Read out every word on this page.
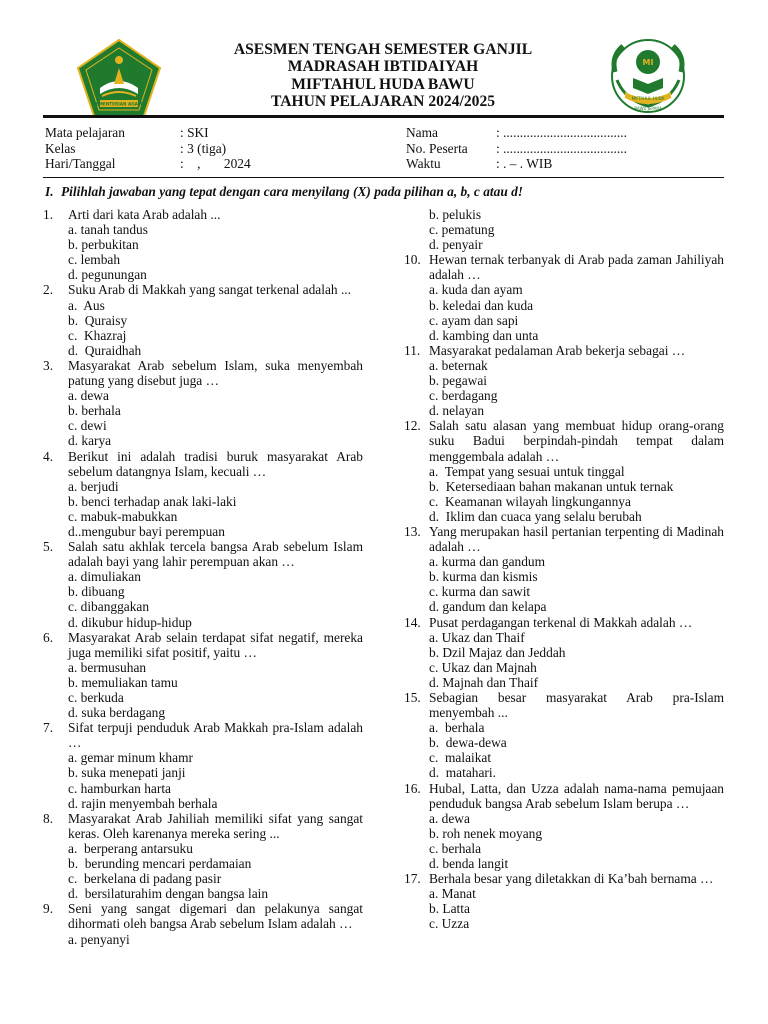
KEMENTERIAN AGAMA
ASESMEN TENGAH SEMESTER GANJIL
MADRASAH IBTIDAIYAH
MIFTAHUL HUDA BAWU
TAHUN PELAJARAN 2024/2025
MI
MIFTAHUL HUDA
BAWU JEPARA
Mata pelajaran	: SKI
Kelas	: 3 (tiga)
Hari/Tanggal	:    ,       2024
Nama	: .....................................
No. Peserta : .....................................
Waktu	: . – . WIB
I. Pilihlah jawaban yang tepat dengan cara menyilang (X) pada pilihan a, b, c atau d!
1. Arti dari kata Arab adalah ...
a. tanah tandus
b. perbukitan
c. lembah
d. pegunungan
2. Suku Arab di Makkah yang sangat terkenal adalah ...
a.  Aus
b.  Quraisy
c.  Khazraj
d.  Quraidhah
3. Masyarakat Arab sebelum Islam, suka menyembah patung yang disebut juga …
a. dewa
b. berhala
c. dewi
d. karya
4. Berikut ini adalah tradisi buruk masyarakat Arab sebelum datangnya Islam, kecuali …
a. berjudi
b. benci terhadap anak laki-laki
c. mabuk-mabukkan
d..mengubur bayi perempuan
5. Salah satu akhlak tercela bangsa Arab sebelum Islam adalah bayi yang lahir perempuan akan …
a. dimuliakan
b. dibuang
c. dibanggakan
d. dikubur hidup-hidup
6. Masyarakat Arab selain terdapat sifat negatif, mereka juga memiliki sifat positif, yaitu …
a. bermusuhan
b. memuliakan tamu
c. berkuda
d. suka berdagang
7. Sifat terpuji penduduk Arab Makkah pra-Islam adalah …
a. gemar minum khamr
b. suka menepati janji
c. hamburkan harta
d. rajin menyembah berhala
8. Masyarakat Arab Jahiliah memiliki sifat yang sangat keras. Oleh karenanya mereka sering ...
a.  berperang antarsuku
b.  berunding mencari perdamaian
c.  berkelana di padang pasir
d.  bersilaturahim dengan bangsa lain
9. Seni yang sangat digemari dan pelakunya sangat dihormati oleh bangsa Arab sebelum Islam adalah …
a. penyanyi
b. pelukis
c. pematung
d. penyair
10. Hewan ternak terbanyak di Arab pada zaman Jahiliyah adalah …
a. kuda dan ayam
b. keledai dan kuda
c. ayam dan sapi
d. kambing dan unta
11. Masyarakat pedalaman Arab bekerja sebagai …
a. beternak
b. pegawai
c. berdagang
d. nelayan
12. Salah satu alasan yang membuat hidup orang-orang suku Badui berpindah-pindah tempat dalam menggembala adalah …
a.  Tempat yang sesuai untuk tinggal
b.  Ketersediaan bahan makanan untuk ternak
c.  Keamanan wilayah lingkungannya
d.  Iklim dan cuaca yang selalu berubah
13. Yang merupakan hasil pertanian terpenting di Madinah adalah …
a. kurma dan gandum
b. kurma dan kismis
c. kurma dan sawit
d. gandum dan kelapa
14. Pusat perdagangan terkenal di Makkah adalah …
a. Ukaz dan Thaif
b. Dzil Majaz dan Jeddah
c. Ukaz dan Majnah
d. Majnah dan Thaif
15. Sebagian besar masyarakat Arab pra-Islam menyembah ...
a.  berhala
b.  dewa-dewa
c.  malaikat
d.  matahari.
16. Hubal, Latta, dan Uzza adalah nama-nama pemujaan penduduk bangsa Arab sebelum Islam berupa …
a. dewa
b. roh nenek moyang
c. berhala
d. benda langit
17. Berhala besar yang diletakkan di Ka’bah bernama …
a. Manat
b. Latta
c. Uzza
